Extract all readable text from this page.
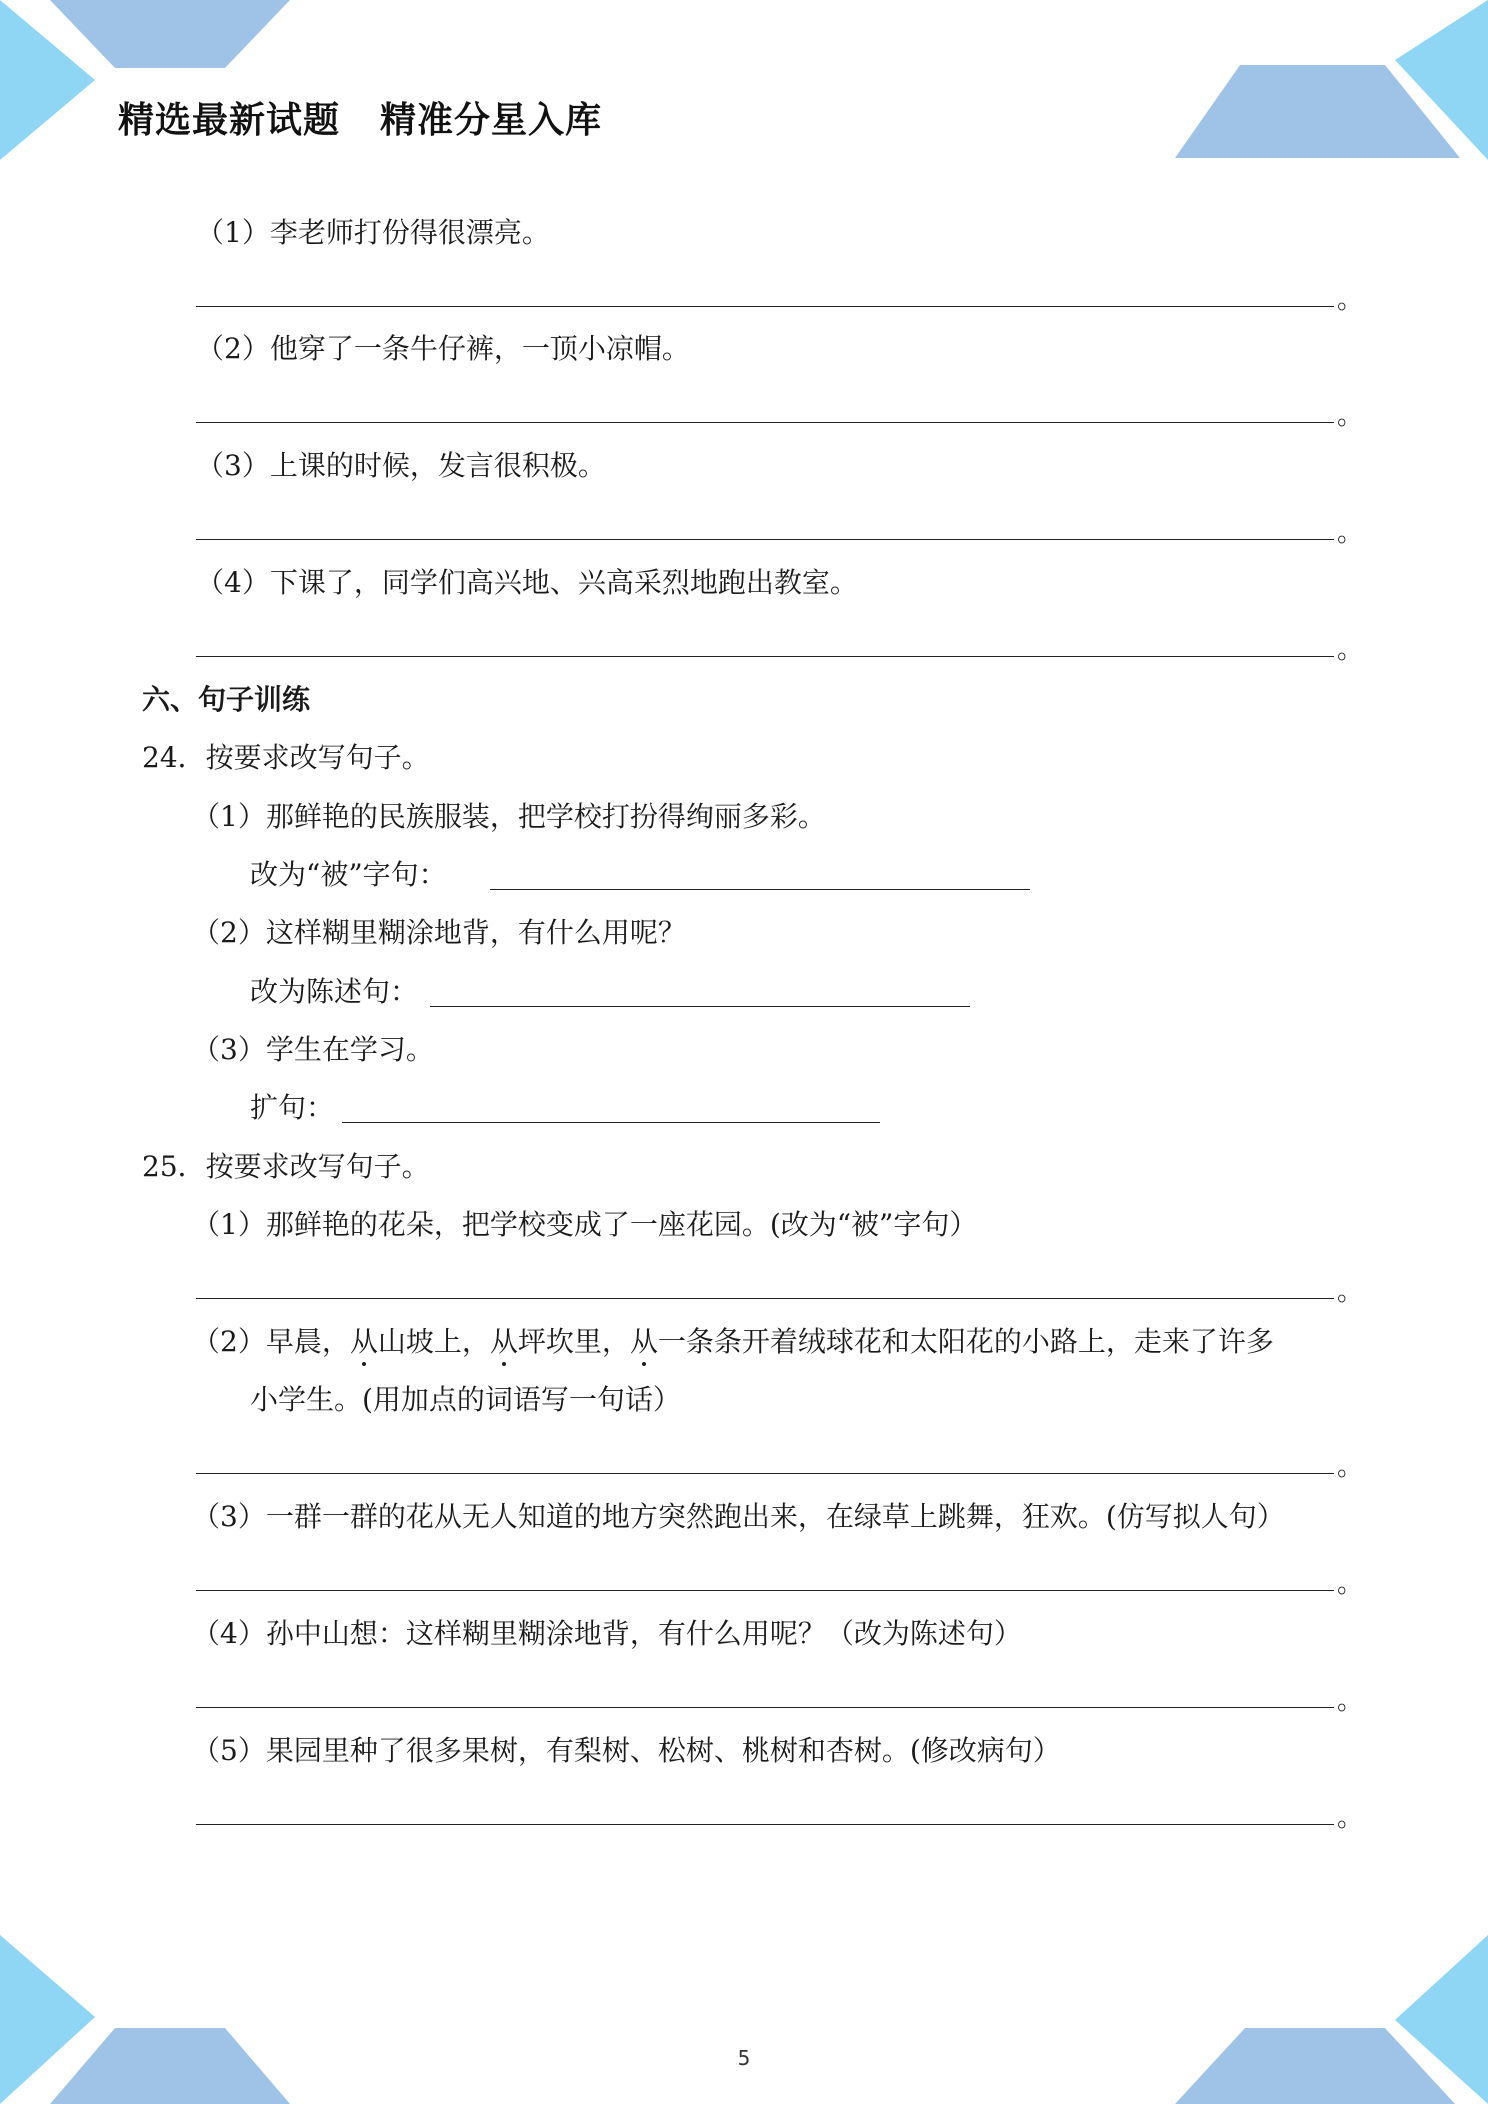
精选最新试题 精准分星入库
（1）李老师打份得很漂亮。
。
（2）他穿了一条牛仔裤，一顶小凉帽。
。
（3）上课的时候，发言很积极。
。
（4）下课了，同学们高兴地、兴高采烈地跑出教室。
。
六、句子训练
24．按要求改写句子。
（1）那鲜艳的民族服装，把学校打扮得绚丽多彩。
改为“被”字句：
（2）这样糊里糊涂地背，有什么用呢？
改为陈述句：
（3）学生在学习。
扩句：
25．按要求改写句子。
（1）那鲜艳的花朵，把学校变成了一座花园。(改为“被”字句）
。
（2）早晨，从山坡上，从坪坎里，从一条条开着绒球花和太阳花的小路上，走来了许多
小学生。(用加点的词语写一句话）
。
（3）一群一群的花从无人知道的地方突然跑出来，在绿草上跳舞，狂欢。(仿写拟人句）
。
（4）孙中山想：这样糊里糊涂地背，有什么用呢？（改为陈述句）
。
（5）果园里种了很多果树，有梨树、松树、桃树和杏树。(修改病句）
。
5
